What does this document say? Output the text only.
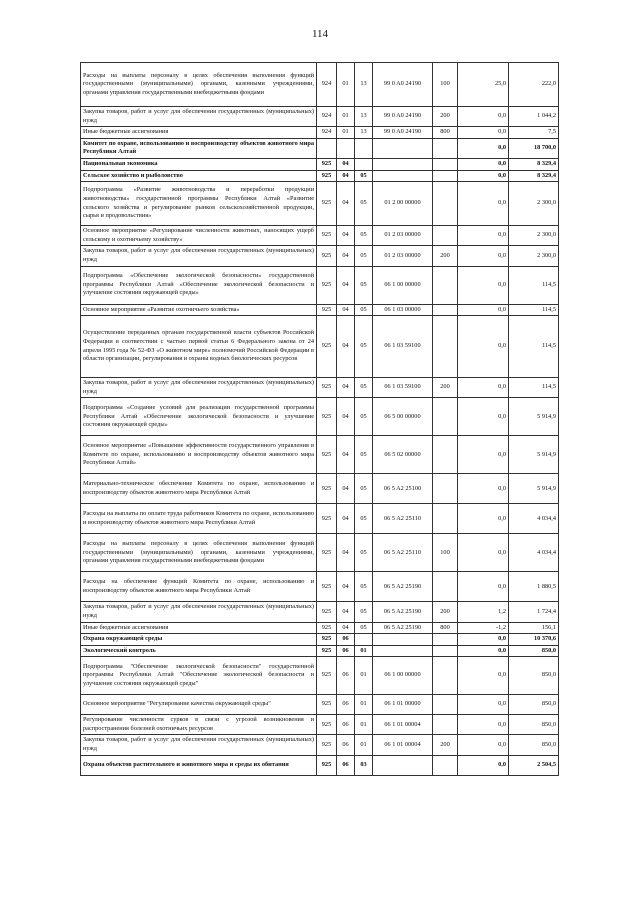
114
Расходы на выплаты персоналу в целях обеспечения выполнения функций государственными (муниципальными) органами, казенными учреждениями, органами управления государственными внебюджетными фондами	924	01	13	99 0 A0 24190	100	25,0	222,0
Закупка товаров, работ и услуг для обеспечения государственных (муниципальных) нужд	924	01	13	99 0 A0 24190	200	0,0	1 044,2
Иные бюджетные ассигнования	924	01	13	99 0 A0 24190	800	0,0	7,5
Комитет по охране, использованию и воспроизводству объектов животного мира Республики Алтай						0,0	18 700,0
Национальная экономика	925	04				0,0	8 329,4
Сельское хозяйство и рыболовство	925	04	05			0,0	8 329,4
Подпрограмма «Развитие животноводства и переработки продукции животноводства» государственной программы Республики Алтай «Развитие сельского хозяйства и регулирование рынков сельскохозяйственной продукции, сырья и продовольствия»	925	04	05	01 2 00 00000		0,0	2 300,0
Основное мероприятие «Регулирование численности животных, наносящих ущерб сельскому и охотничьему хозяйству»	925	04	05	01 2 03 00000		0,0	2 300,0
Закупка товаров, работ и услуг для обеспечения государственных (муниципальных) нужд	925	04	05	01 2 03 00000	200	0,0	2 300,0
Подпрограмма «Обеспечение экологической безопасности» государственной программы Республики Алтай «Обеспечение экологической безопасности и улучшение состояния окружающей среды»	925	04	05	06 1 00 00000		0,0	114,5
Основное мероприятие «Развитие охотничьего хозяйства»	925	04	05	06 1 03 00000		0,0	114,5
Осуществление переданных органам государственной власти субъектов Российской Федерации в соответствии с частью первой статьи 6 Федерального закона от 24 апреля 1995 года № 52-ФЗ «О животном мире» полномочий Российской Федерации в области организации, регулирования и охраны водных биологических ресурсов	925	04	05	06 1 03 59100		0,0	114,5
Закупка товаров, работ и услуг для обеспечения государственных (муниципальных) нужд	925	04	05	06 1 03 59100	200	0,0	114,5
Подпрограмма «Создание условий для реализации государственной программы Республики Алтай «Обеспечение экологической безопасности и улучшение состояния окружающей среды»	925	04	05	06 5 00 00000		0,0	5 914,9
Основное мероприятие «Повышение эффективности государственного управления в Комитете по охране, использованию и воспроизводству объектов животного мира Республики Алтай»	925	04	05	06 5 02 00000		0,0	5 914,9
Материально-техническое обеспечение Комитета по охране, использованию и воспроизводству объектов животного мира Республики Алтай	925	04	05	06 5 A2 25100		0,0	5 914,9
Расходы на выплаты по оплате труда работников Комитета по охране, использованию и воспроизводству объектов животного мира Республики Алтай	925	04	05	06 5 A2 25110		0,0	4 034,4
Расходы на выплаты персоналу в целях обеспечения выполнения функций государственными (муниципальными) органами, казенными учреждениями, органами управления государственными внебюджетными фондами	925	04	05	06 5 A2 25110	100	0,0	4 034,4
Расходы на обеспечение функций Комитета по охране, использованию и воспроизводству объектов животного мира Республики Алтай	925	04	05	06 5 A2 25190		0,0	1 880,5
Закупка товаров, работ и услуг для обеспечения государственных (муниципальных) нужд	925	04	05	06 5 A2 25190	200	1,2	1 724,4
Иные бюджетные ассигнования	925	04	05	06 5 A2 25190	800	-1,2	156,1
Охрана окружающей среды	925	06				0,0	10 370,6
Экологический контроль	925	06	01			0,0	850,0
Подпрограмма "Обеспечение экологической безопасности" государственной программы Республики Алтай "Обеспечение экологической безопасности и улучшение состояния окружающей среды"	925	06	01	06 1 00 00000		0,0	850,0
Основное мероприятие "Регулирование качества окружающей среды"	925	06	01	06 1 01 00000		0,0	850,0
Регулирование численности сурков в связи с угрозой возникновения и распространения болезней охотничьих ресурсов	925	06	01	06 1 01 00004		0,0	850,0
Закупка товаров, работ и услуг для обеспечения государственных (муниципальных) нужд	925	06	01	06 1 01 00004	200	0,0	850,0
Охрана объектов растительного и животного мира и среды их обитания	925	06	03			0,0	2 504,5
